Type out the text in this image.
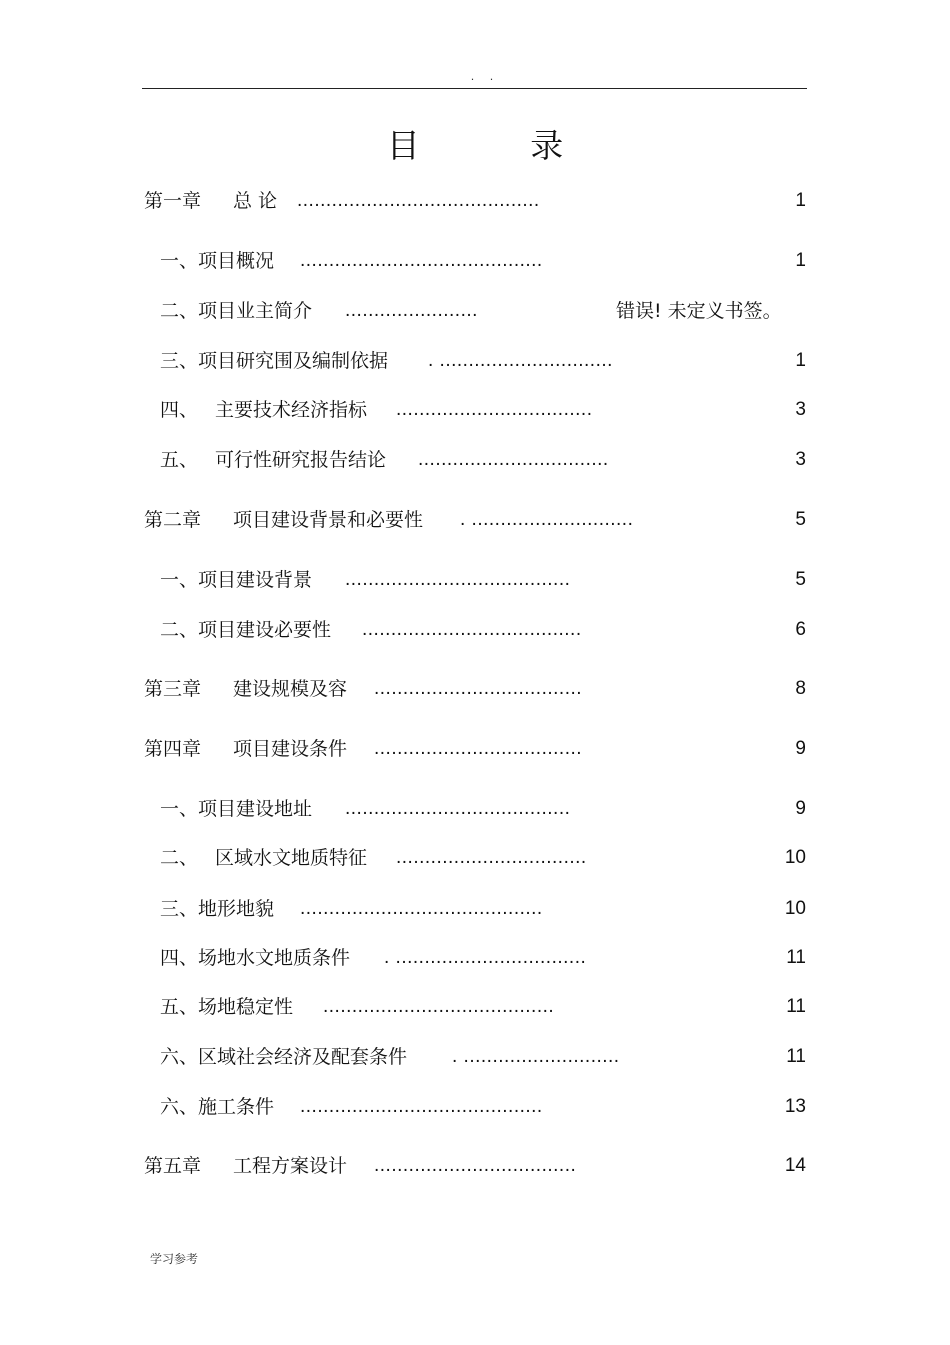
. .
目 录
第一章 总 论 ..........................................	1
一、项目概况 ..........................................	1
二、项目业主简介 .......................	错误! 未定义书签。
三、项目研究围及编制依据 . ..............................	1
四、 主要技术经济指标 ..................................	3
五、 可行性研究报告结论 .................................	3
第二章 项目建设背景和必要性 . ............................	5
一、项目建设背景 .......................................	5
二、项目建设必要性 ......................................	6
第三章 建设规模及容 ....................................	8
第四章 项目建设条件 ....................................	9
一、项目建设地址 .......................................	9
二、 区域水文地质特征 .................................	10
三、地形地貌 ..........................................	10
四、场地水文地质条件 . .................................	11
五、场地稳定性 ........................................	11
六、区域社会经济及配套条件 . ...........................	11
六、施工条件 ..........................................	13
第五章 工程方案设计 ...................................	14
学习参考
